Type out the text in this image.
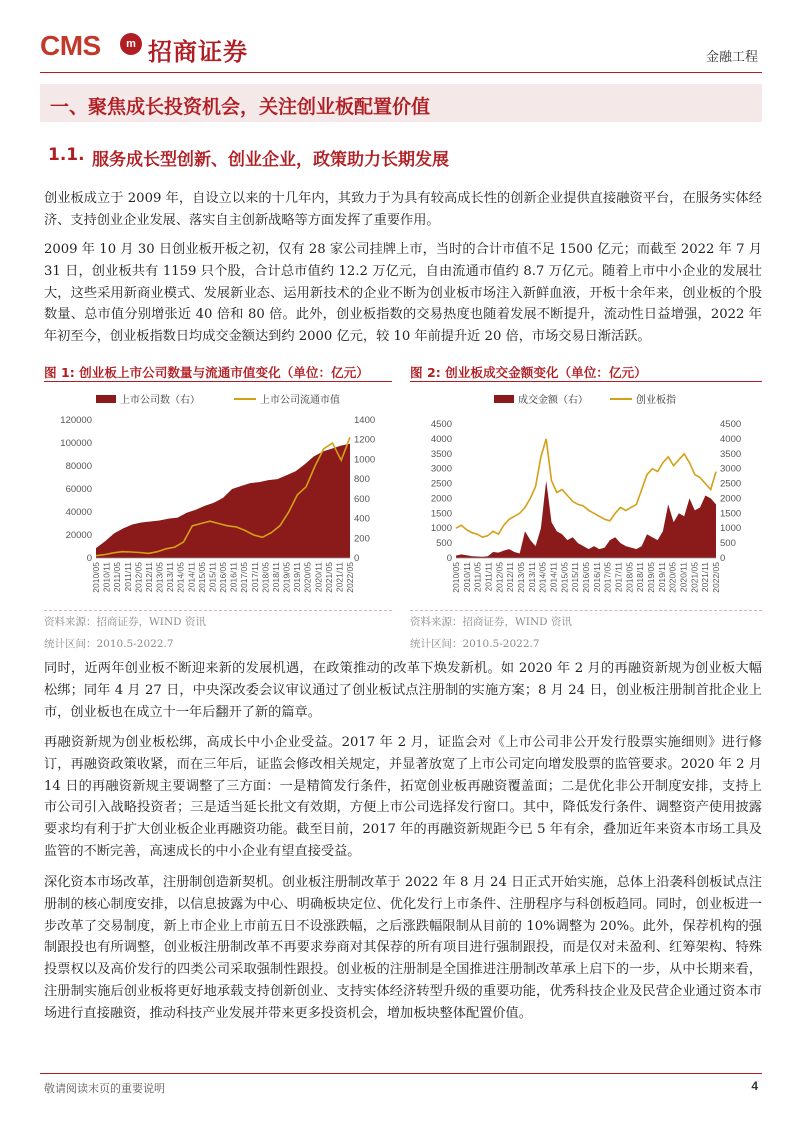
CMS	m 招商证券	金融工程
一、聚焦成长投资机会，关注创业板配置价值
1.1. 服务成长型创新、创业企业，政策助力长期发展
创业板成立于 2009 年，自设立以来的十几年内，其致力于为具有较高成长性的创新企业提供直接融资平台，在服务实体经济、支持创业企业发展、落实自主创新战略等方面发挥了重要作用。
2009 年 10 月 30 日创业板开板之初，仅有 28 家公司挂牌上市，当时的合计市值不足 1500 亿元；而截至 2022 年 7 月 31 日，创业板共有 1159 只个股，合计总市值约 12.2 万亿元，自由流通市值约 8.7 万亿元。随着上市中小企业的发展壮大，这些采用新商业模式、发展新业态、运用新技术的企业不断为创业板市场注入新鲜血液，开板十余年来，创业板的个股数量、总市值分别增张近 40 倍和 80 倍。此外，创业板指数的交易热度也随着发展不断提升，流动性日益增强，2022 年年初至今，创业板指数日均成交金额达到约 2000 亿元，较 10 年前提升近 20 倍，市场交易日渐活跃。
图 1: 创业板上市公司数量与流通市值变化（单位：亿元）	图 2: 创业板成交金额变化（单位：亿元）
上市公司数（右）	上市公司流通市值
0
20000
40000
60000
80000
100000
120000
0
200
400
600
800
1000
1200
1400
2010/05 2010/11 2011/05 2011/11 2012/05 2012/11 2013/05 2013/11 2014/05 2014/11 2015/05 2015/11 2016/05 2016/11 2017/05 2017/11 2018/05 2018/11 2019/05 2019/11 2020/05 2020/11 2021/05 2021/11 2022/05
成交金额（右）	创业板指
0
500
1000
1500
2000
2500
3000
3500
4000
4500
0
500
1000
1500
2000
2500
3000
3500
4000
4500
2010/05 2010/11 2011/05 2011/11 2012/05 2012/11 2013/05 2013/11 2014/05 2014/11 2015/05 2015/11 2016/05 2016/11 2017/05 2017/11 2018/05 2018/11 2019/05 2019/11 2020/05 2020/11 2021/05 2021/11 2022/05
资料来源：招商证券，WIND 资讯
统计区间：2010.5-2022.7
资料来源：招商证券，WIND 资讯
统计区间：2010.5-2022.7
同时，近两年创业板不断迎来新的发展机遇，在政策推动的改革下焕发新机。如 2020 年 2 月的再融资新规为创业板大幅松绑；同年 4 月 27 日，中央深改委会议审议通过了创业板试点注册制的实施方案；8 月 24 日，创业板注册制首批企业上市，创业板也在成立十一年后翻开了新的篇章。
再融资新规为创业板松绑，高成长中小企业受益。2017 年 2 月，证监会对《上市公司非公开发行股票实施细则》进行修订，再融资政策收紧，而在三年后，证监会修改相关规定，并显著放宽了上市公司定向增发股票的监管要求。2020 年 2 月 14 日的再融资新规主要调整了三方面：一是精简发行条件，拓宽创业板再融资覆盖面；二是优化非公开制度安排，支持上市公司引入战略投资者；三是适当延长批文有效期，方便上市公司选择发行窗口。其中，降低发行条件、调整资产使用披露要求均有利于扩大创业板企业再融资功能。截至目前，2017 年的再融资新规距今已 5 年有余，叠加近年来资本市场工具及监管的不断完善，高速成长的中小企业有望直接受益。
深化资本市场改革，注册制创造新契机。创业板注册制改革于 2022 年 8 月 24 日正式开始实施，总体上沿袭科创板试点注册制的核心制度安排，以信息披露为中心、明确板块定位、优化发行上市条件、注册程序与科创板趋同。同时，创业板进一步改革了交易制度，新上市企业上市前五日不设涨跌幅，之后涨跌幅限制从目前的 10%调整为 20%。此外，保荐机构的强制跟投也有所调整，创业板注册制改革不再要求券商对其保荐的所有项目进行强制跟投，而是仅对未盈利、红筹架构、特殊投票权以及高价发行的四类公司采取强制性跟投。创业板的注册制是全国推进注册制改革承上启下的一步，从中长期来看，注册制实施后创业板将更好地承载支持创新创业、支持实体经济转型升级的重要功能，优秀科技企业及民营企业通过资本市场进行直接融资，推动科技产业发展并带来更多投资机会，增加板块整体配置价值。
敬请阅读末页的重要说明	4
